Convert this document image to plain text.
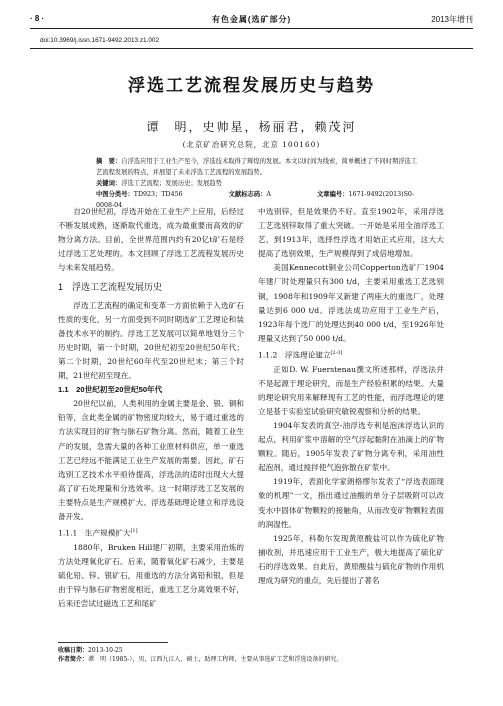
· 8 ·	有色金属(选矿部分)	2013年增刊
doi:10.3969/j.issn.1671-9492.2013.z1.002
浮选工艺流程发展历史与趋势
谭　明，史帅星，杨丽君，赖茂河
(北京矿冶研究总院，北京 100160)
摘　要：自浮选应用于工业生产至今，浮选技术取得了辉煌的发展。本文以时间为线索，简单概述了不同时期浮选工艺流程发展的特点，并展望了未来浮选工艺流程的发展趋势。
关键词：浮选工艺流程；发展历史；发展趋势
中图分类号：TD923；TD456	文献标志码：A	文章编号：1671-9492(2013)S0-0008-04

自20世纪初，浮选开始在工业生产上应用，后经过不断发展成熟，逐渐取代重选，成为最重要而高效的矿物分离方法。目前，全世界范围内约有20亿t矿石是经过浮选工艺处理的。本文回顾了浮选工艺流程发展历史与未来发展趋势。

1　浮选工艺流程发展历史

浮选工艺流程的确定和变革一方面依赖于入选矿石性质的变化，另一方面受到不同时期选矿工艺理论和装备技术水平的制约。浮选工艺发展可以简单地划分三个历史时期，第一个时期，20世纪初至20世纪50年代；第二个时期，20世纪60年代至20世纪末；第三个时期，21世纪初至现在。

1.1　20世纪初至20世纪50年代

20世纪以前，人类利用的金属主要是金、银、铜和铅等，含此类金属的矿物密度均较大，易于通过重选的方法实现目的矿物与脉石矿物分离。然而，随着工业生产的发展，急需大量的各种工业原材料供应，单一重选工艺已经远不能满足工业生产发展的需要。因此，矿石选别工艺技术水平亟待提高，浮选法的适时出现大大提高了矿石处理量和分选效率。这一时期浮选工艺发展的主要特点是生产规模扩大、浮选基础理论建立和浮选设备开发。

1.1.1　生产规模扩大[1]

1880年，Bruken Hill建厂初期，主要采用治炼的方法处理氧化矿石。后来，随着氧化矿石减少，主要是硫化铅、锌、银矿石，用重选的方法分离铅和银，但是由于锌与脉石矿物密度相近，重选工艺分离效果不好，后来还尝试过磁选工艺和尾矿

中选别锌，但是效果仍不好。直至1902年，采用浮选工艺选别锌取得了重大突破。一开始是采用全油浮选工艺，到1913年，选择性浮选才用始正式应用，这大大提高了选别效果，生产规模得到了成倍地增加。

美国Kennecott铜业公司Copperton选矿厂1904年建厂时处理量只有300 t/d，主要采用重选工艺选别铜，1908年和1909年又新建了两座大的重选厂，处理量达到6 000 t/d。浮选法成功应用于工业生产后，1923年每个选厂的处理达到40 000 t/d，至1926年处理量又达到了50 000 t/d。

1.1.2　浮选理论建立[2-3]

正如D. W. Fuerstenau撰文所述那样，浮选法并不是起源于理论研究，而是生产经验积累的结果。大量的理论研究用来解释现有工艺的性能，而浮选理论的建立是基于实验室试验研究敏锐观察和分析的结果。

1904年发表的真空-油浮选专利是泡沫浮选认识的起点，利用矿浆中溶解的空气浮起黏附在油滴上的矿物颗粒。随后，1905年发表了矿物分离专利，采用油性起泡剂，通过搅拌使气泡弥散在矿浆中。

1919年，表面化学家朗格缪尔发表了“浮选表面现象的机理”一文，指出通过油酸的单分子层吸附可以改变水中固体矿物颗粒的接触角，从而改变矿物颗粒表面的润湿性。

1925年，科勒尔发现黄原酸盐可以作为硫化矿物捕收剂，并迅速应用于工业生产，极大地提高了硫化矿石的浮选效果。自此后，黄原酸盐与硫化矿物的作用机理成为研究的重点，先后提出了著名

收稿日期：2013-10-25
作者简介：谭　明（1985-），男，江西九江人，硕士，助理工程师，主要从事选矿工艺和浮选设备的研究。
